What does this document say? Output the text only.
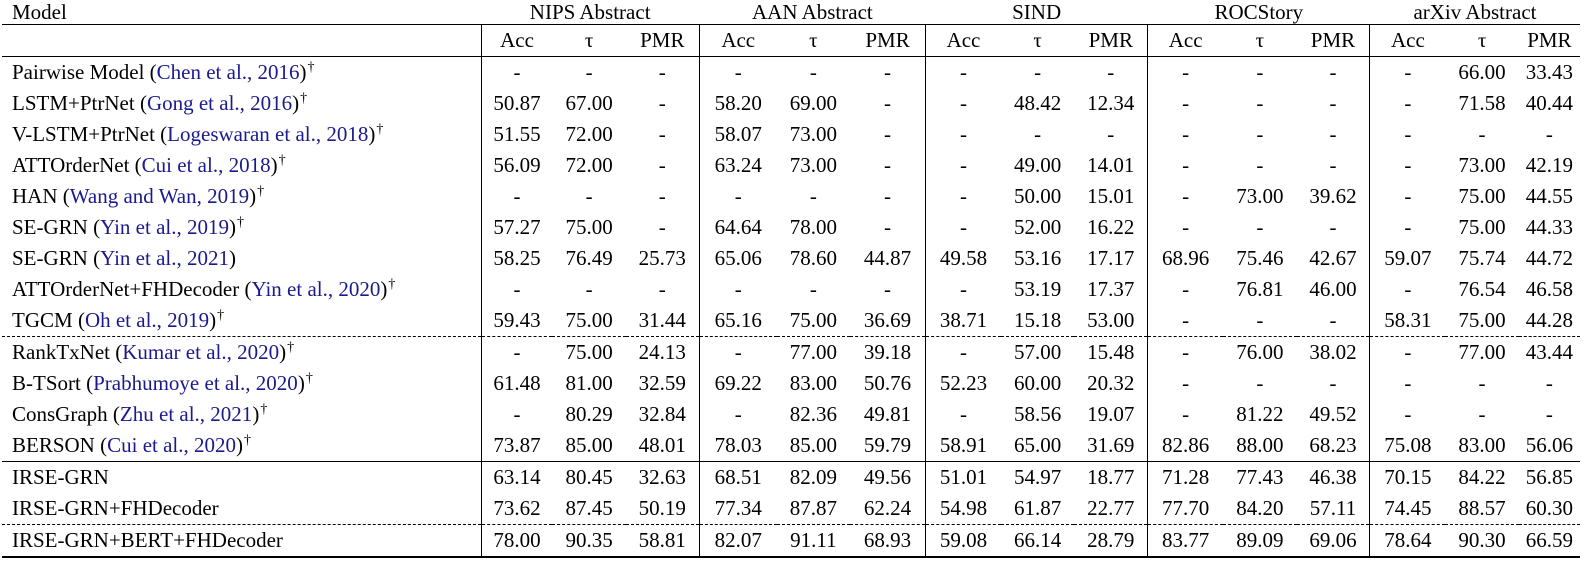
Model	NIPS Abstract			AAN Abstract			SIND			ROCStory			arXiv Abstract		
	Acc	τ	PMR	Acc	τ	PMR	Acc	τ	PMR	Acc	τ	PMR	Acc	τ	PMR
Pairwise Model (Chen et al., 2016)†	-	-	-	-	-	-	-	-	-	-	-	-	-	66.00	33.43
LSTM+PtrNet (Gong et al., 2016)†	50.87	67.00	-	58.20	69.00	-	-	48.42	12.34	-	-	-	-	71.58	40.44
V-LSTM+PtrNet (Logeswaran et al., 2018)†	51.55	72.00	-	58.07	73.00	-	-	-	-	-	-	-	-	-	-
ATTOrderNet (Cui et al., 2018)†	56.09	72.00	-	63.24	73.00	-	-	49.00	14.01	-	-	-	-	73.00	42.19
HAN (Wang and Wan, 2019)†	-	-	-	-	-	-	-	50.00	15.01	-	73.00	39.62	-	75.00	44.55
SE-GRN (Yin et al., 2019)†	57.27	75.00	-	64.64	78.00	-	-	52.00	16.22	-	-	-	-	75.00	44.33
SE-GRN (Yin et al., 2021)	58.25	76.49	25.73	65.06	78.60	44.87	49.58	53.16	17.17	68.96	75.46	42.67	59.07	75.74	44.72
ATTOrderNet+FHDecoder (Yin et al., 2020)†	-	-	-	-	-	-	-	53.19	17.37	-	76.81	46.00	-	76.54	46.58
TGCM (Oh et al., 2019)†	59.43	75.00	31.44	65.16	75.00	36.69	38.71	15.18	53.00	-	-	-	58.31	75.00	44.28
RankTxNet (Kumar et al., 2020)†	-	75.00	24.13	-	77.00	39.18	-	57.00	15.48	-	76.00	38.02	-	77.00	43.44
B-TSort (Prabhumoye et al., 2020)†	61.48	81.00	32.59	69.22	83.00	50.76	52.23	60.00	20.32	-	-	-	-	-	-
ConsGraph (Zhu et al., 2021)†	-	80.29	32.84	-	82.36	49.81	-	58.56	19.07	-	81.22	49.52	-	-	-
BERSON (Cui et al., 2020)†	73.87	85.00	48.01	78.03	85.00	59.79	58.91	65.00	31.69	82.86	88.00	68.23	75.08	83.00	56.06
IRSE-GRN	63.14	80.45	32.63	68.51	82.09	49.56	51.01	54.97	18.77	71.28	77.43	46.38	70.15	84.22	56.85
IRSE-GRN+FHDecoder	73.62	87.45	50.19	77.34	87.87	62.24	54.98	61.87	22.77	77.70	84.20	57.11	74.45	88.57	60.30
IRSE-GRN+BERT+FHDecoder	78.00	90.35	58.81	82.07	91.11	68.93	59.08	66.14	28.79	83.77	89.09	69.06	78.64	90.30	66.59
